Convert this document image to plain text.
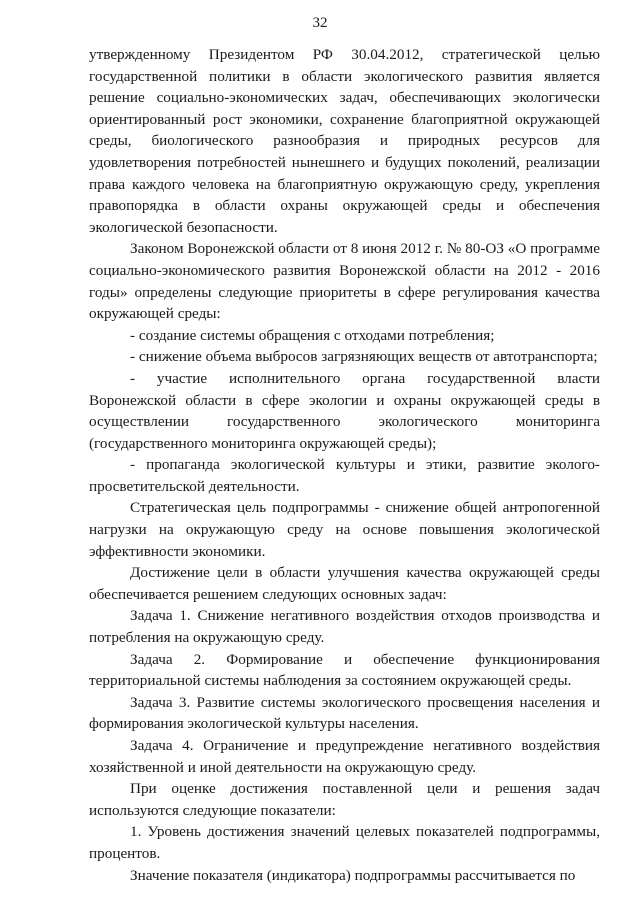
32

утвержденному Президентом РФ 30.04.2012, стратегической целью государственной политики в области экологического развития является решение социально-экономических задач, обеспечивающих экологически ориентированный рост экономики, сохранение благоприятной окружающей среды, биологического разнообразия и природных ресурсов для удовлетворения потребностей нынешнего и будущих поколений, реализации права каждого человека на благоприятную окружающую среду, укрепления правопорядка в области охраны окружающей среды и обеспечения экологической безопасности.

Законом Воронежской области от 8 июня 2012 г. № 80-ОЗ «О программе социально-экономического развития Воронежской области на 2012 - 2016 годы» определены следующие приоритеты в сфере регулирования качества окружающей среды:

- создание системы обращения с отходами потребления;

- снижение объема выбросов загрязняющих веществ от автотранспорта;

- участие исполнительного органа государственной власти Воронежской области в сфере экологии и охраны окружающей среды в осуществлении государственного экологического мониторинга (государственного мониторинга окружающей среды);

- пропаганда экологической культуры и этики, развитие эколого-просветительской деятельности.

Стратегическая цель подпрограммы - снижение общей антропогенной нагрузки на окружающую среду на основе повышения экологической эффективности экономики.

Достижение цели в области улучшения качества окружающей среды обеспечивается решением следующих основных задач:

Задача 1. Снижение негативного воздействия отходов производства и потребления на окружающую среду.

Задача 2. Формирование и обеспечение функционирования территориальной системы наблюдения за состоянием окружающей среды.

Задача 3. Развитие системы экологического просвещения населения и формирования экологической культуры населения.

Задача 4. Ограничение и предупреждение негативного воздействия хозяйственной и иной деятельности на окружающую среду.

При оценке достижения поставленной цели и решения задач используются следующие показатели:

1. Уровень достижения значений целевых показателей подпрограммы, процентов.

Значение показателя (индикатора) подпрограммы рассчитывается по
